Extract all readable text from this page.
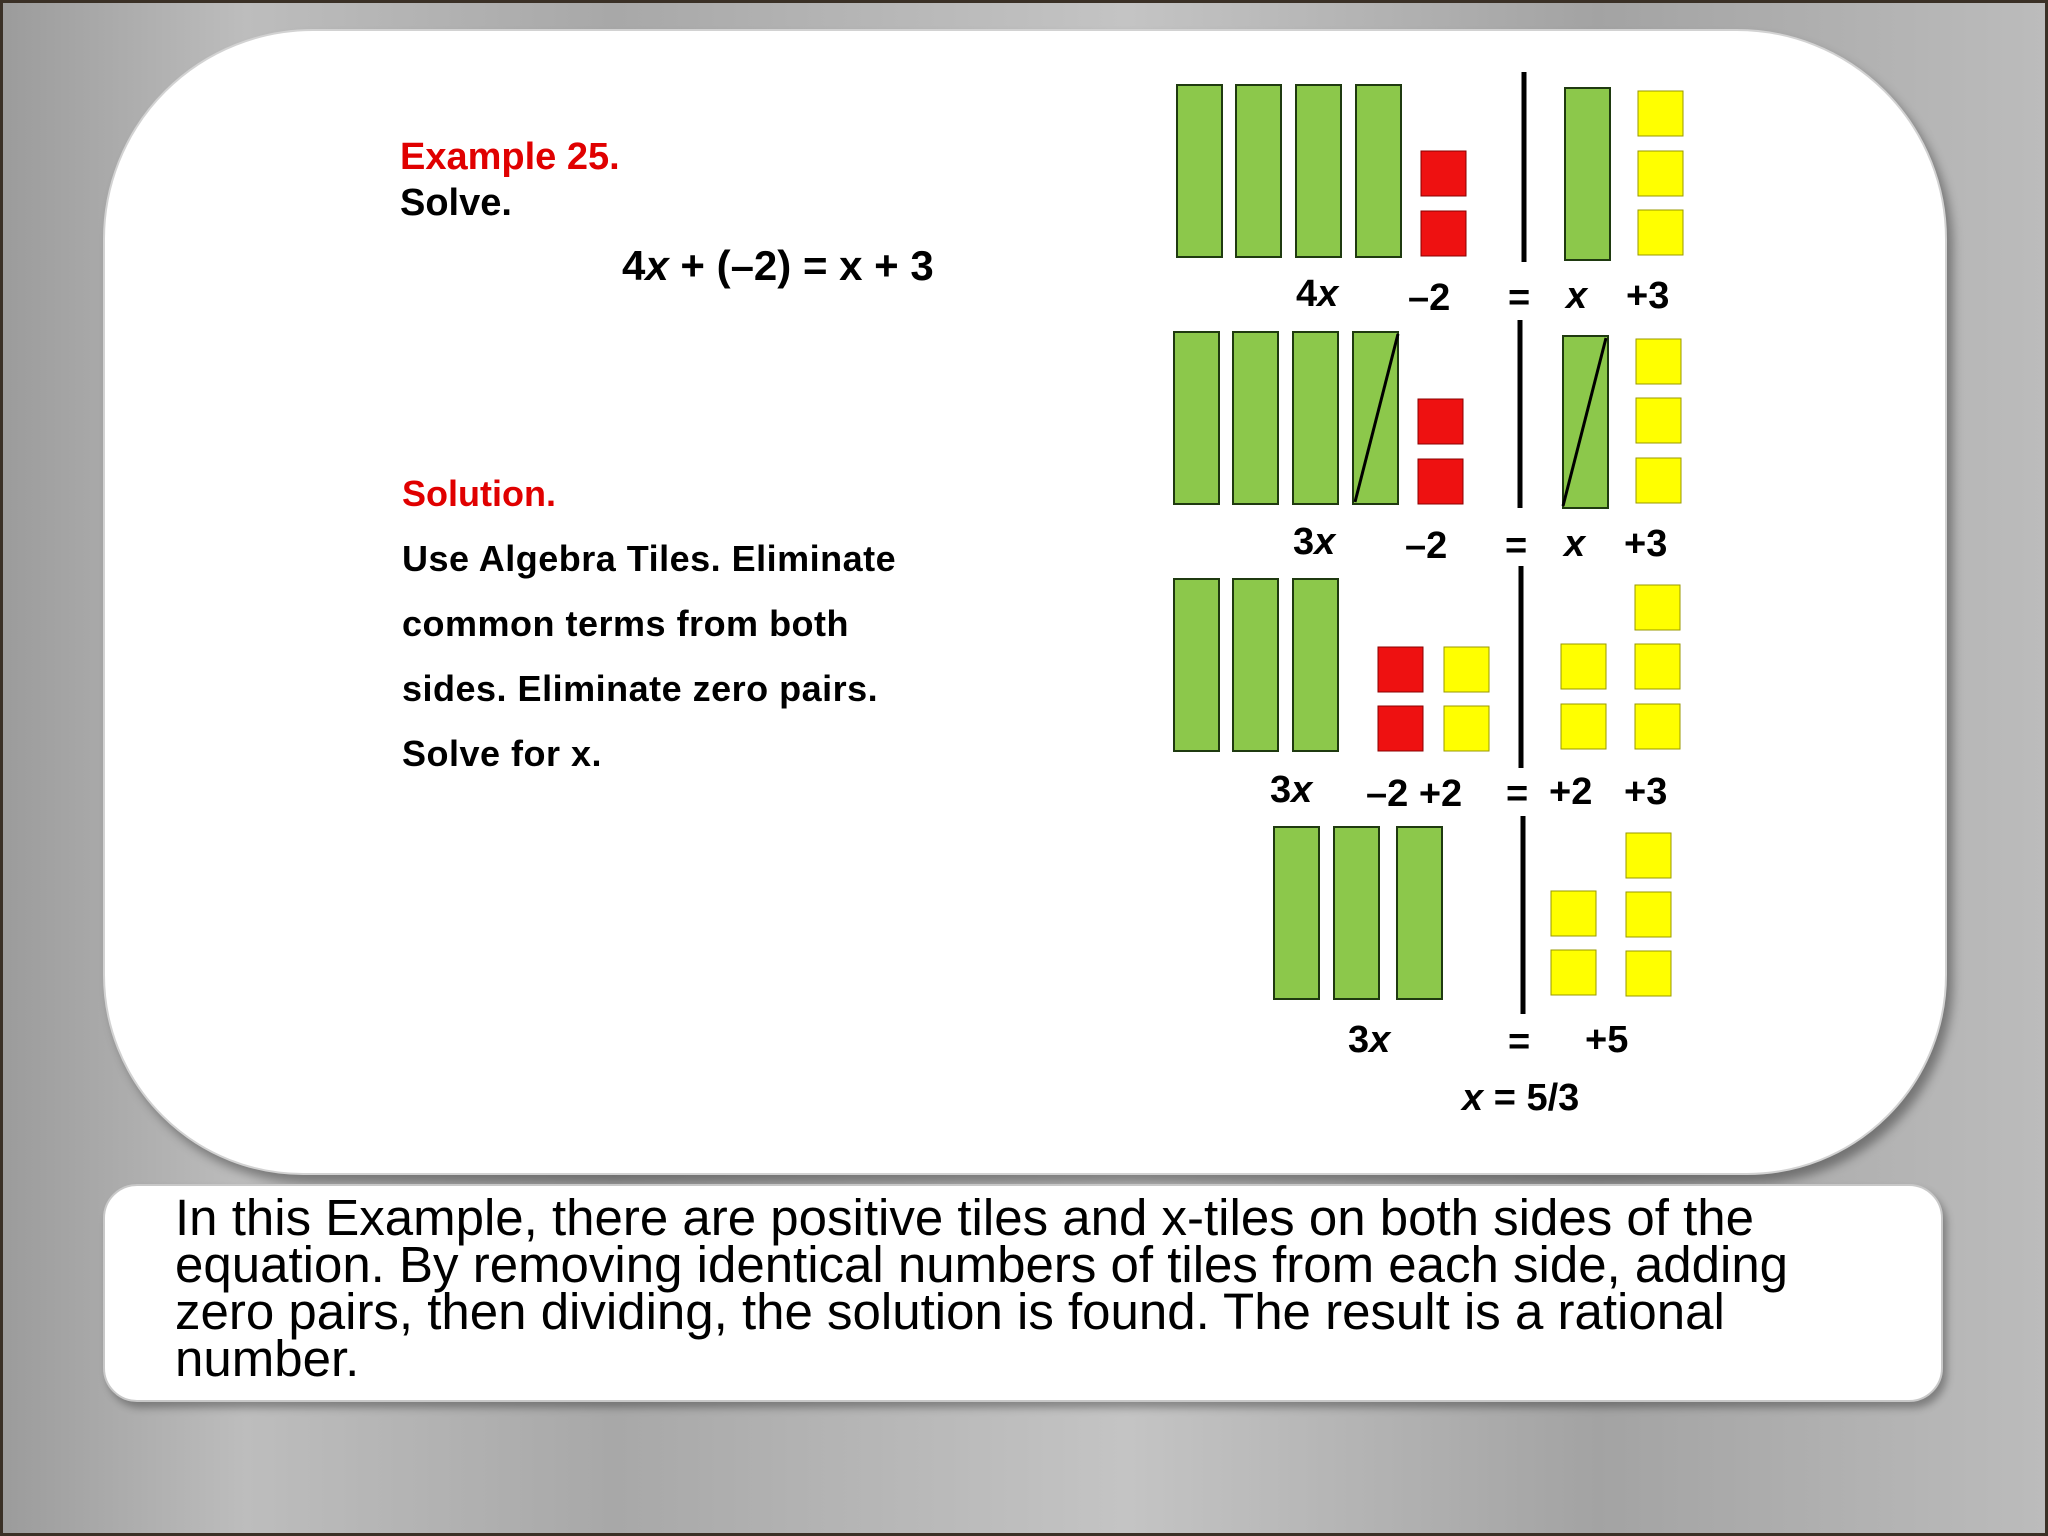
Example 25.
Solve.
4x + (–2) = x + 3
Solution.
Use Algebra Tiles. Eliminate
common terms from both
sides. Eliminate zero pairs.
Solve for x.
4x –2 = x +3
3x –2 = x +3
3x –2 +2 = +2 +3
3x	= +5
x = 5/3
In this Example, there are positive tiles and x-tiles on both sides of the equation. By removing identical numbers of tiles from each side, adding zero pairs, then dividing, the solution is found. The result is a rational number.
